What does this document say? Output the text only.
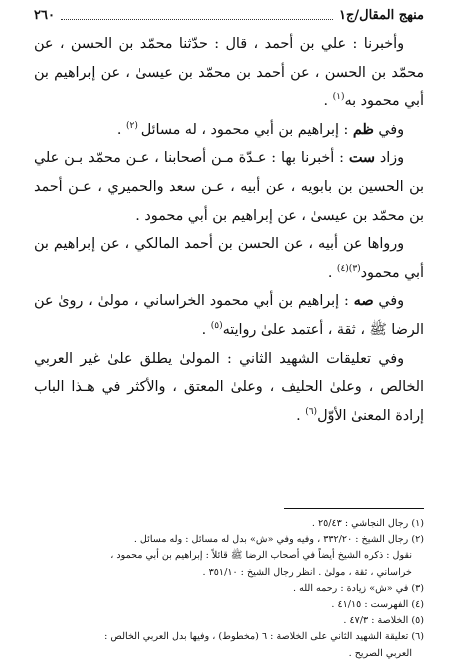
منهج المقال/ج١
٢٦٠

وأخبرنا : علي بن أحمد ، قال : حدّثنا محمّد بن الحسن ، عن محمّد بن الحسن ، عن أحمد بن محمّد بن عيسىٰ ، عن إبراهيم بن أبي محمود به$^{(١)}$ .

وفي ظم : إبراهيم بن أبي محمود ، له مسائل $^{(٢)}$ .

وزاد ست : أخبرنا بها : عـدّة مـن أصحابنا ، عـن محمّد بـن علي بن الحسين بن بابويه ، عن أبيه ، عـن سعد والحميري ، عـن أحمد بن محمّد بن عيسىٰ ، عن إبراهيم بن أبي محمود .

ورواها عن أبيه ، عن الحسن بن أحمد المالكي ، عن إبراهيم بن أبي محمود$^{(٣)(٤)}$ .

وفي صه : إبراهيم بن أبي محمود الخراساني ، مولىٰ ، روىٰ عن الرضا ﷺ ، ثقة ، أعتمد علىٰ روايته$^{(٥)}$ .

وفي تعليقات الشهيد الثاني : المولىٰ يطلق علىٰ غير العربي الخالص ، وعلىٰ الحليف ، وعلىٰ المعتق ، والأكثر في هـذا الباب إرادة المعنىٰ الأوّل$^{(٦)}$ .

(١) رجال النجاشي : ٢٥/٤٣ .
(٢) رجال الشيخ : ٣٣٢/٢٠ ، وفيه وفي «ش» بدل له مسائل : وله مسائل .
نقول : ذكره الشيخ أيضاً في أصحاب الرضا ﷺ قائلاً : إبراهيم بن أبي محمود ،
خراساني ، ثقة ، مولىٰ . انظر رجال الشيخ : ٣٥١/١٠ .
(٣) في «ش» زيادة : رحمه الله .
(٤) الفهرست : ٤١/١٥ .
(٥) الخلاصة : ٤٧/٣ .
(٦) تعليقة الشهيد الثاني على الخلاصة : ٦ (مخطوط) ، وفيها بدل العربي الخالص :
العربي الصريح .
